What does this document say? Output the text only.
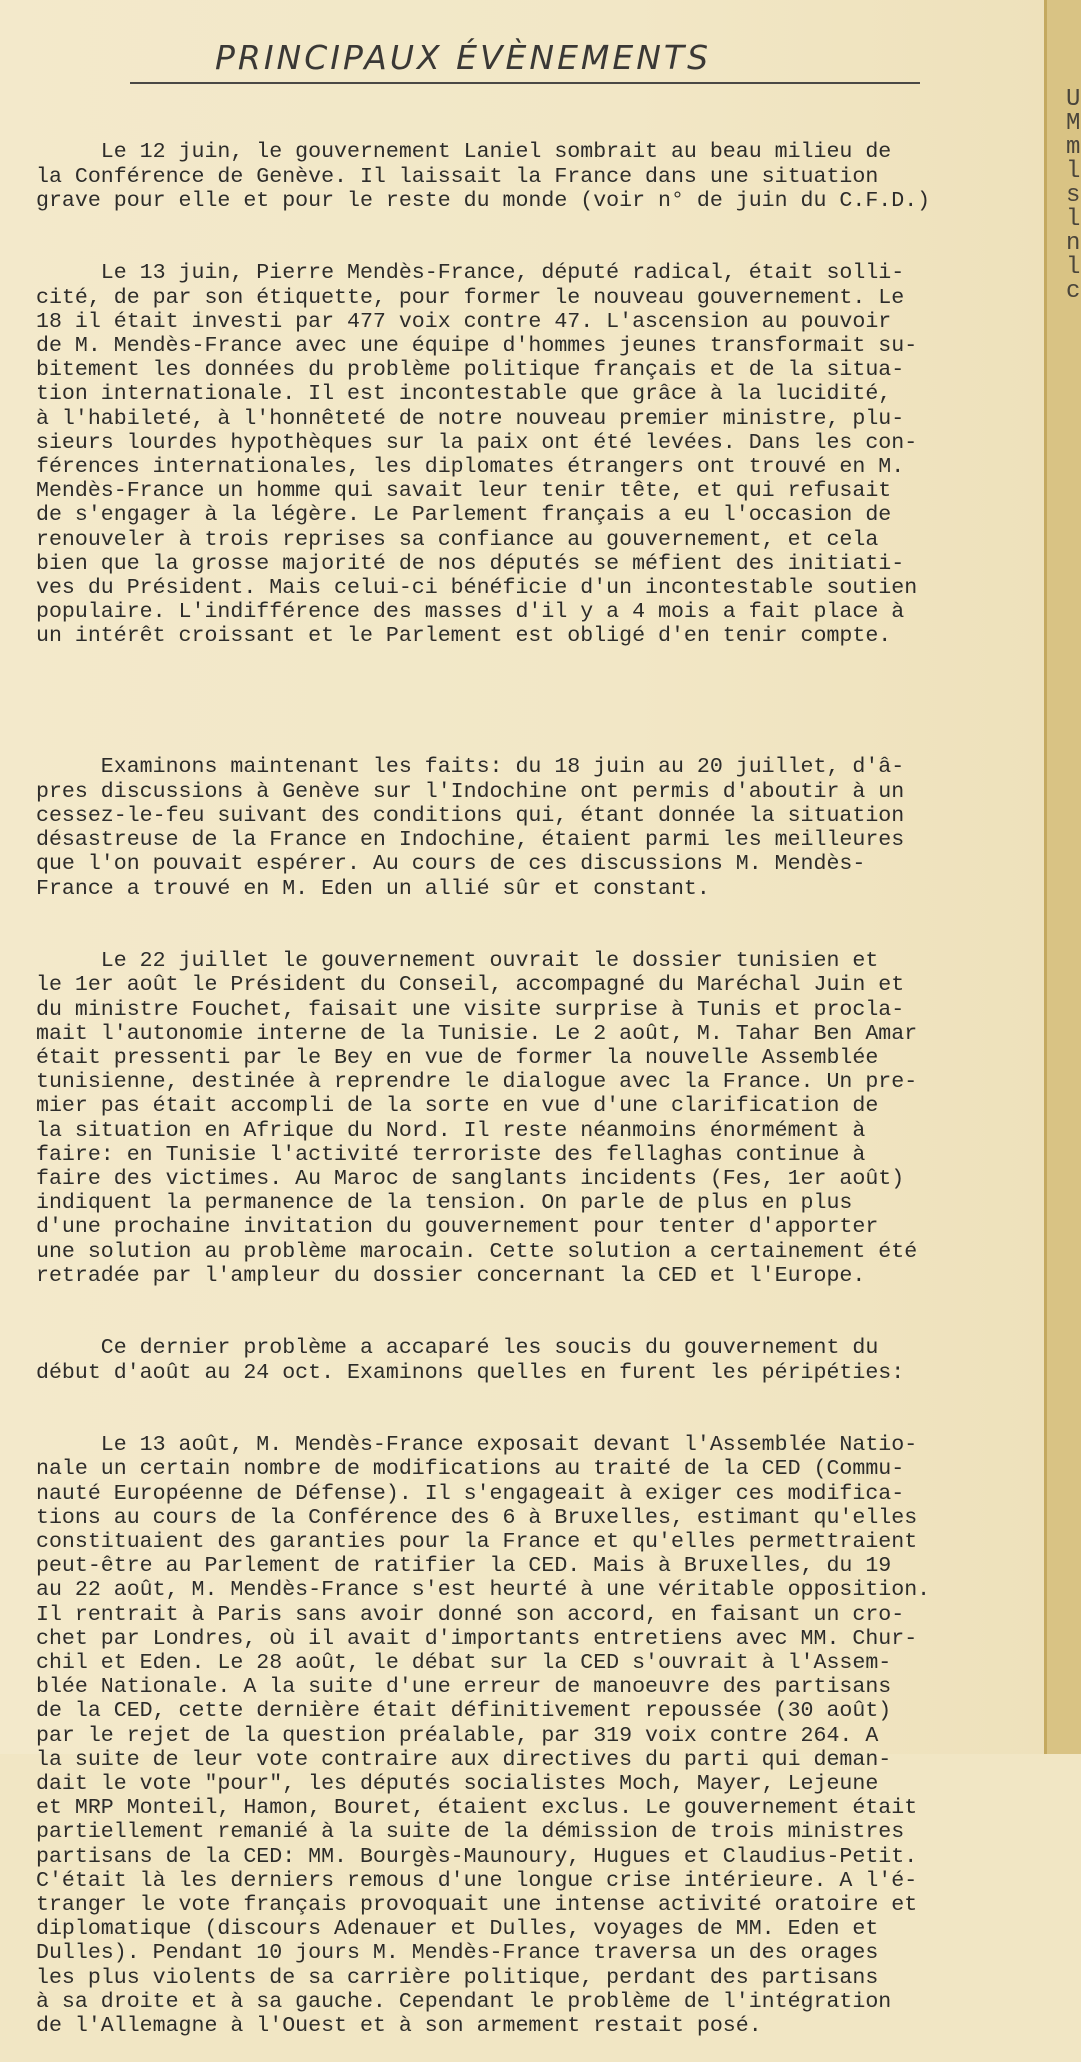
U
M
m
l
s
l
n
l
c
PRINCIPAUX ÉVÈNEMENTS

Le 12 juin, le gouvernement Laniel sombrait au beau milieu de
la Conférence de Genève. Il laissait la France dans une situation
grave pour elle et pour le reste du monde (voir n° de juin du C.F.D.)

Le 13 juin, Pierre Mendès-France, député radical, était solli-
cité, de par son étiquette, pour former le nouveau gouvernement. Le
18 il était investi par 477 voix contre 47. L'ascension au pouvoir
de M. Mendès-France avec une équipe d'hommes jeunes transformait su-
bitement les données du problème politique français et de la situa-
tion internationale. Il est incontestable que grâce à la lucidité,
à l'habileté, à l'honnêteté de notre nouveau premier ministre, plu-
sieurs lourdes hypothèques sur la paix ont été levées. Dans les con-
férences internationales, les diplomates étrangers ont trouvé en M.
Mendès-France un homme qui savait leur tenir tête, et qui refusait
de s'engager à la légère. Le Parlement français a eu l'occasion de
renouveler à trois reprises sa confiance au gouvernement, et cela
bien que la grosse majorité de nos députés se méfient des initiati-
ves du Président. Mais celui-ci bénéficie d'un incontestable soutien
populaire. L'indifférence des masses d'il y a 4 mois a fait place à
un intérêt croissant et le Parlement est obligé d'en tenir compte.

Examinons maintenant les faits: du 18 juin au 20 juillet, d'â-
pres discussions à Genève sur l'Indochine ont permis d'aboutir à un
cessez-le-feu suivant des conditions qui, étant donnée la situation
désastreuse de la France en Indochine, étaient parmi les meilleures
que l'on pouvait espérer. Au cours de ces discussions M. Mendès-
France a trouvé en M. Eden un allié sûr et constant.

Le 22 juillet le gouvernement ouvrait le dossier tunisien et
le 1er août le Président du Conseil, accompagné du Maréchal Juin et
du ministre Fouchet, faisait une visite surprise à Tunis et procla-
mait l'autonomie interne de la Tunisie. Le 2 août, M. Tahar Ben Amar
était pressenti par le Bey en vue de former la nouvelle Assemblée
tunisienne, destinée à reprendre le dialogue avec la France. Un pre-
mier pas était accompli de la sorte en vue d'une clarification de
la situation en Afrique du Nord. Il reste néanmoins énormément à
faire: en Tunisie l'activité terroriste des fellaghas continue à
faire des victimes. Au Maroc de sanglants incidents (Fes, 1er août)
indiquent la permanence de la tension. On parle de plus en plus
d'une prochaine invitation du gouvernement pour tenter d'apporter
une solution au problème marocain. Cette solution a certainement été
retradée par l'ampleur du dossier concernant la CED et l'Europe.

Ce dernier problème a accaparé les soucis du gouvernement du
début d'août au 24 oct. Examinons quelles en furent les péripéties:

Le 13 août, M. Mendès-France exposait devant l'Assemblée Natio-
nale un certain nombre de modifications au traité de la CED (Commu-
nauté Européenne de Défense). Il s'engageait à exiger ces modifica-
tions au cours de la Conférence des 6 à Bruxelles, estimant qu'elles
constituaient des garanties pour la France et qu'elles permettraient
peut-être au Parlement de ratifier la CED. Mais à Bruxelles, du 19
au 22 août, M. Mendès-France s'est heurté à une véritable opposition.
Il rentrait à Paris sans avoir donné son accord, en faisant un cro-
chet par Londres, où il avait d'importants entretiens avec MM. Chur-
chil et Eden. Le 28 août, le débat sur la CED s'ouvrait à l'Assem-
blée Nationale. A la suite d'une erreur de manoeuvre des partisans
de la CED, cette dernière était définitivement repoussée (30 août)
par le rejet de la question préalable, par 319 voix contre 264. A
la suite de leur vote contraire aux directives du parti qui deman-
dait le vote "pour", les députés socialistes Moch, Mayer, Lejeune
et MRP Monteil, Hamon, Bouret, étaient exclus. Le gouvernement était
partiellement remanié à la suite de la démission de trois ministres
partisans de la CED: MM. Bourgès-Maunoury, Hugues et Claudius-Petit.
C'était là les derniers remous d'une longue crise intérieure. A l'é-
tranger le vote français provoquait une intense activité oratoire et
diplomatique (discours Adenauer et Dulles, voyages de MM. Eden et
Dulles). Pendant 10 jours M. Mendès-France traversa un des orages
les plus violents de sa carrière politique, perdant des partisans
à sa droite et à sa gauche. Cependant le problème de l'intégration
de l'Allemagne à l'Ouest et à son armement restait posé.
